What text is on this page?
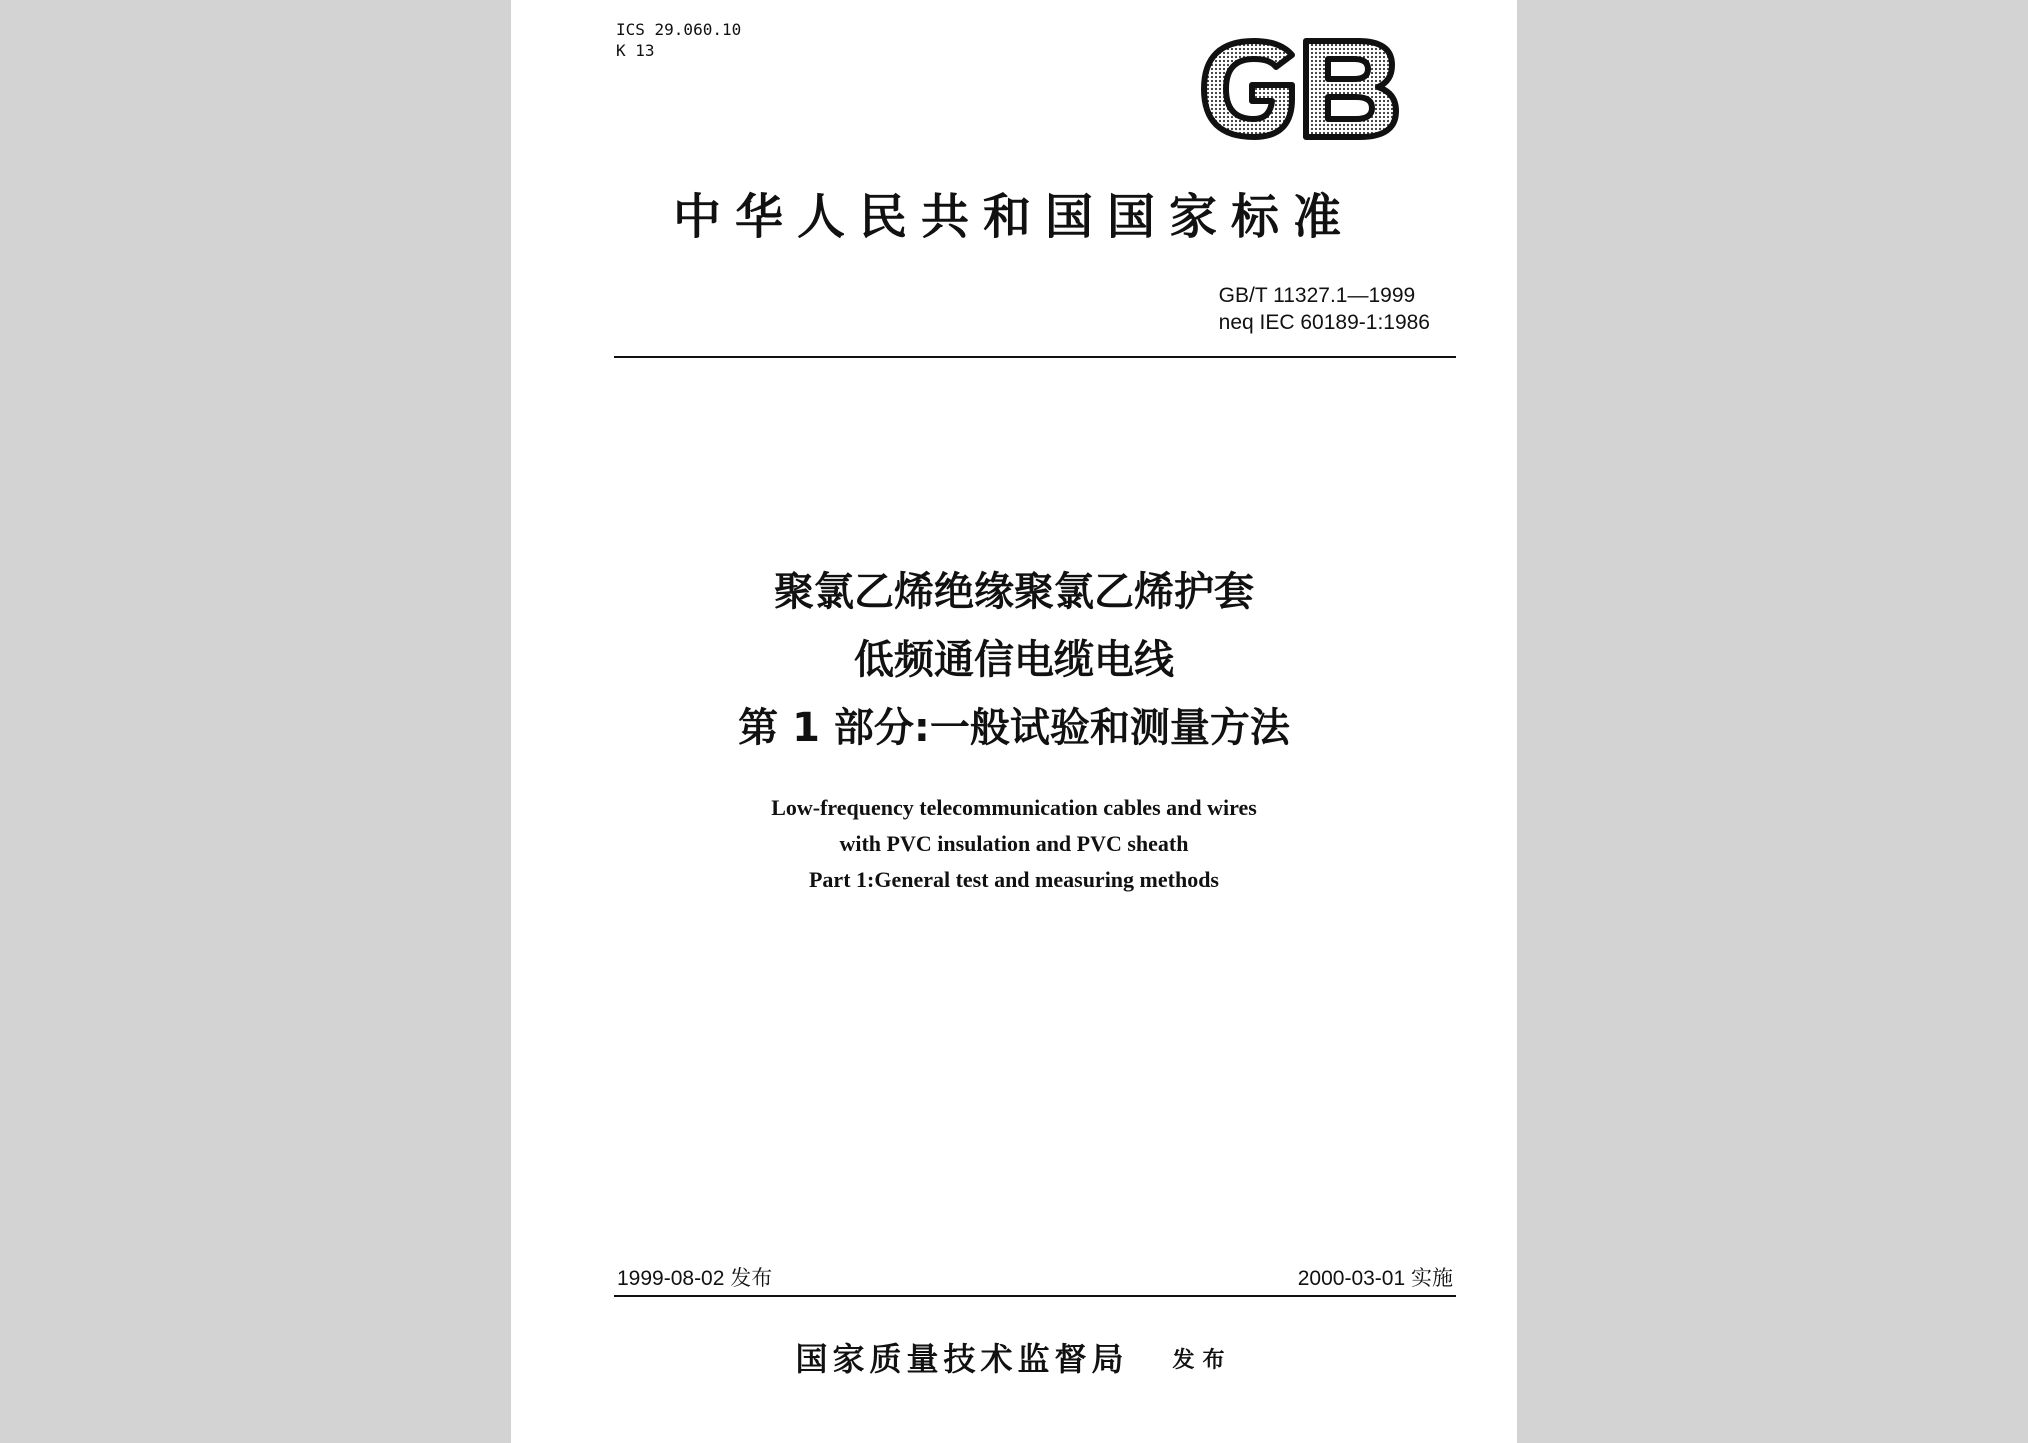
ICS 29.060.10
K 13
中华人民共和国国家标准
GB/T 11327.1—1999
neq IEC 60189-1:1986
聚氯乙烯绝缘聚氯乙烯护套
低频通信电缆电线
第 1 部分:一般试验和测量方法
Low-frequency telecommunication cables and wires
with PVC insulation and PVC sheath
Part 1:General test and measuring methods
1999-08-02 发布	2000-03-01 实施
国家质量技术监督局 发布
